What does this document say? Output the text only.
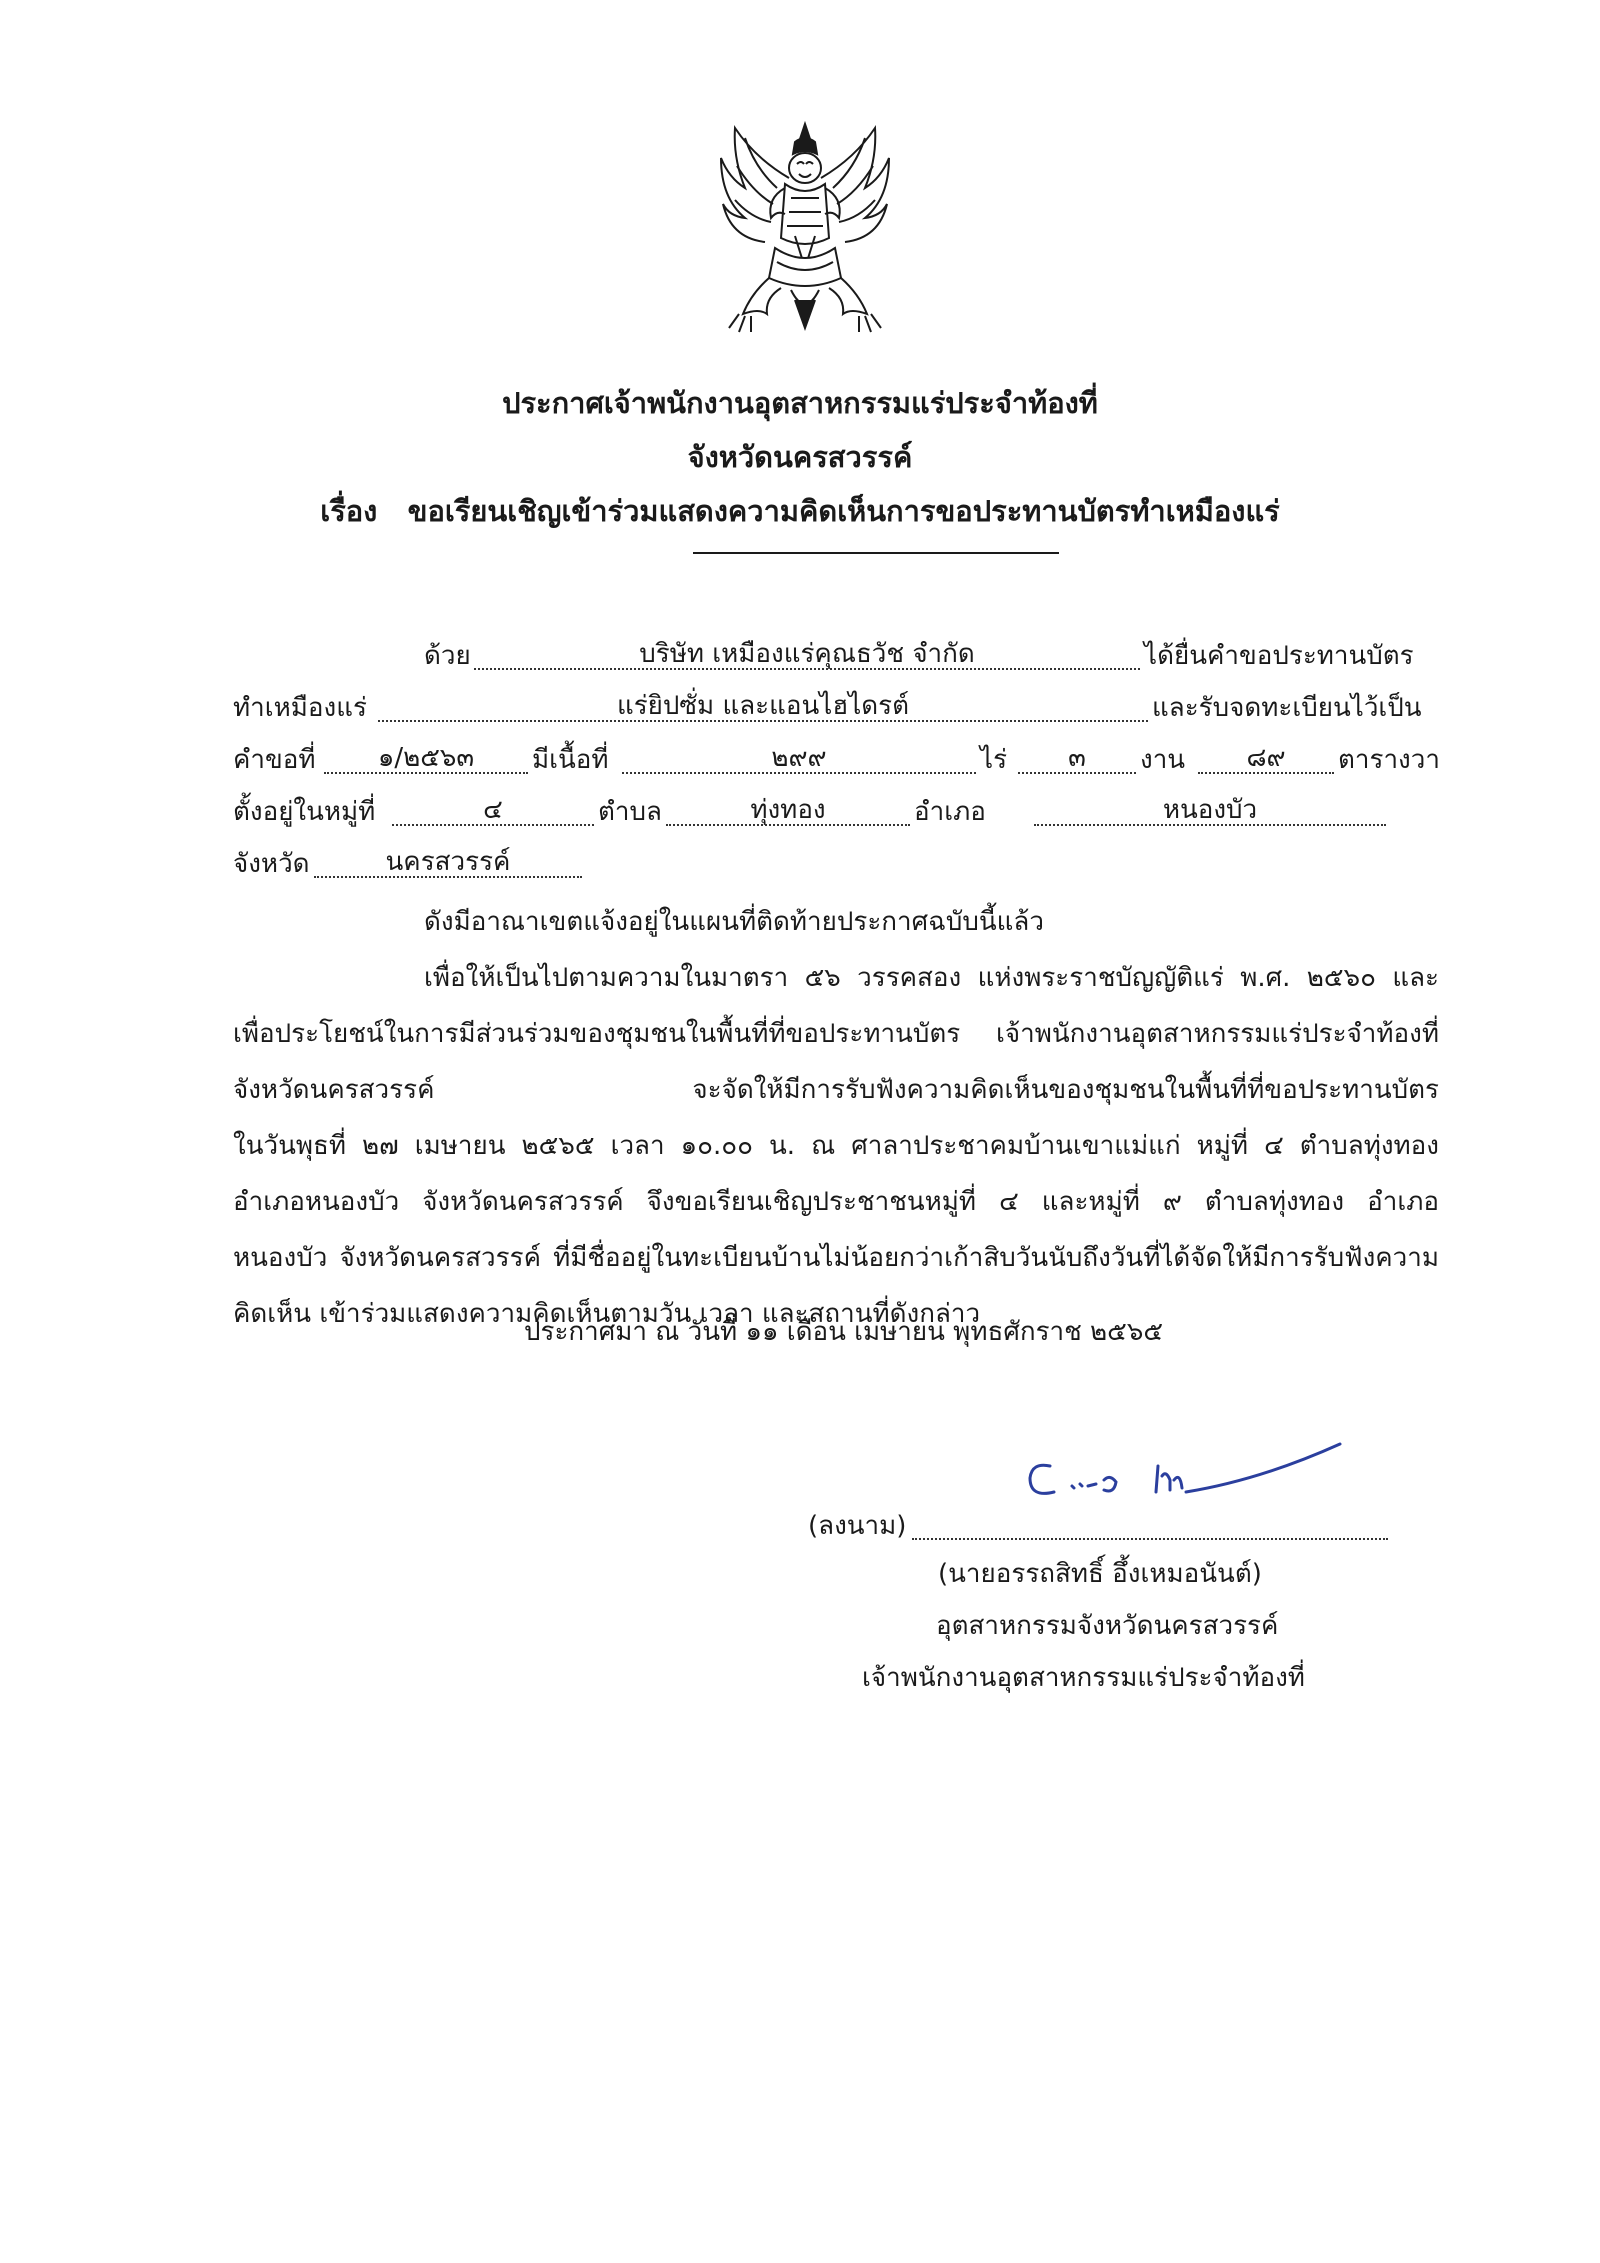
ประกาศเจ้าพนักงานอุตสาหกรรมแร่ประจำท้องที่
จังหวัดนครสวรรค์
เรื่อง ขอเรียนเชิญเข้าร่วมแสดงความคิดเห็นการขอประทานบัตรทำเหมืองแร่
ด้วย	บริษัท เหมืองแร่คุณธวัช จำกัด	ได้ยื่นคำขอประทานบัตร
ทำเหมืองแร่	แร่ยิปซั่ม และแอนไฮไดรต์	และรับจดทะเบียนไว้เป็น
คำขอที่	๑/๒๕๖๓	มีเนื้อที่	๒๙๙	ไร่	๓	งาน	๘๙	ตารางวา
ตั้งอยู่ในหมู่ที่	๔	ตำบล	ทุ่งทอง	อำเภอ	หนองบัว
จังหวัด	นครสวรรค์
ดังมีอาณาเขตแจ้งอยู่ในแผนที่ติดท้ายประกาศฉบับนี้แล้ว
เพื่อให้เป็นไปตามความในมาตรา ๕๖ วรรคสอง แห่งพระราชบัญญัติแร่ พ.ศ. ๒๕๖๐ และ
เพื่อประโยชน์ในการมีส่วนร่วมของชุมชนในพื้นที่ที่ขอประทานบัตร เจ้าพนักงานอุตสาหกรรมแร่ประจำท้องที่
จังหวัดนครสวรรค์ จะจัดให้มีการรับฟังความคิดเห็นของชุมชนในพื้นที่ที่ขอประทานบัตร
ในวันพุธที่ ๒๗ เมษายน ๒๕๖๕ เวลา ๑๐.๐๐ น. ณ ศาลาประชาคมบ้านเขาแม่แก่ หมู่ที่ ๔ ตำบลทุ่งทอง
อำเภอหนองบัว จังหวัดนครสวรรค์ จึงขอเรียนเชิญประชาชนหมู่ที่ ๔ และหมู่ที่ ๙ ตำบลทุ่งทอง อำเภอ
หนองบัว จังหวัดนครสวรรค์ ที่มีชื่ออยู่ในทะเบียนบ้านไม่น้อยกว่าเก้าสิบวันนับถึงวันที่ได้จัดให้มีการรับฟังความ
คิดเห็น เข้าร่วมแสดงความคิดเห็นตามวัน เวลา และสถานที่ดังกล่าว
ประกาศมา ณ วันที่ ๑๑ เดือน เมษายน พุทธศักราช ๒๕๖๕
(ลงนาม)
(นายอรรถสิทธิ์ อึ้งเหมอนันต์)
อุตสาหกรรมจังหวัดนครสวรรค์
เจ้าพนักงานอุตสาหกรรมแร่ประจำท้องที่
